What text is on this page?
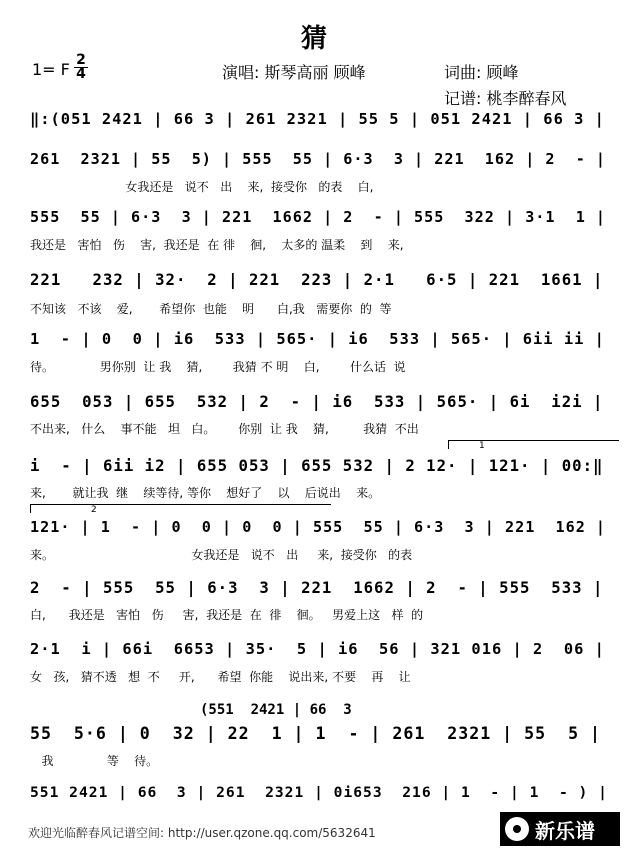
猜
1= F 2
4	演唱: 斯琴高丽 顾峰	词曲: 顾峰
记谱: 桃李醉春风
‖:(051 2421 | 66 3 | 261 2321 | 55 5 | 051 2421 | 66 3 |
261  2321 | 55  5) | 555  55 | 6·3  3 | 221  162 | 2  - |
女我还是   说不   出    来,  接受你   的表    白,
555  55 | 6·3  3 | 221  1662 | 2  - | 555  322 | 3·1  1 |
我还是   害怕   伤    害,  我还是  在 徘    徊,    太多的 温柔    到    来,
221   232 | 32·  2 | 221  223 | 2·1   6·5 | 221  1661 |
不知该   不该    爱,       希望你  也能    明      白,我   需要你  的  等
1  - | 0  0 | i6  533 | 565· | i6  533 | 565· | 6ii ii |
待。            男你别  让 我    猜,        我猜 不 明    白,        什么话  说
655  053 | 655  532 | 2  - | i6  533 | 565· | 6i  i2i |
不出来,   什么    事不能   坦   白。      你别  让 我    猜,         我猜  不出
1
i  - | 6ii i2 | 655 053 | 655 532 | 2 12· | 121· | 00:‖
来,       就让我  继    续等待, 等你    想好了    以    后说出    来。
2
121· | 1  - | 0  0 | 0  0 | 555  55 | 6·3  3 | 221  162 |
来。                                    女我还是   说不   出     来,  接受你   的表
2  - | 555  55 | 6·3  3 | 221  1662 | 2  - | 555  533 |
白,      我还是   害怕   伤     害,  我还是  在  徘    徊。   男爱上这   样  的
2·1  i | 66i  6653 | 35·  5 | i6  56 | 321 016 | 2  06 |
女   孩,   猜不透   想  不     开,      希望  你能    说出来, 不要    再    让
(551  2421 | 66  3
55  5·6 | 0  32 | 22  1 | 1  - | 261  2321 | 55  5 |
我              等    待。
551 2421 | 66  3 | 261  2321 | 0i653  216 | 1  - | 1  - ) |
欢迎光临醉春风记谱空间: http://user.qzone.qq.com/5632641	新乐谱
